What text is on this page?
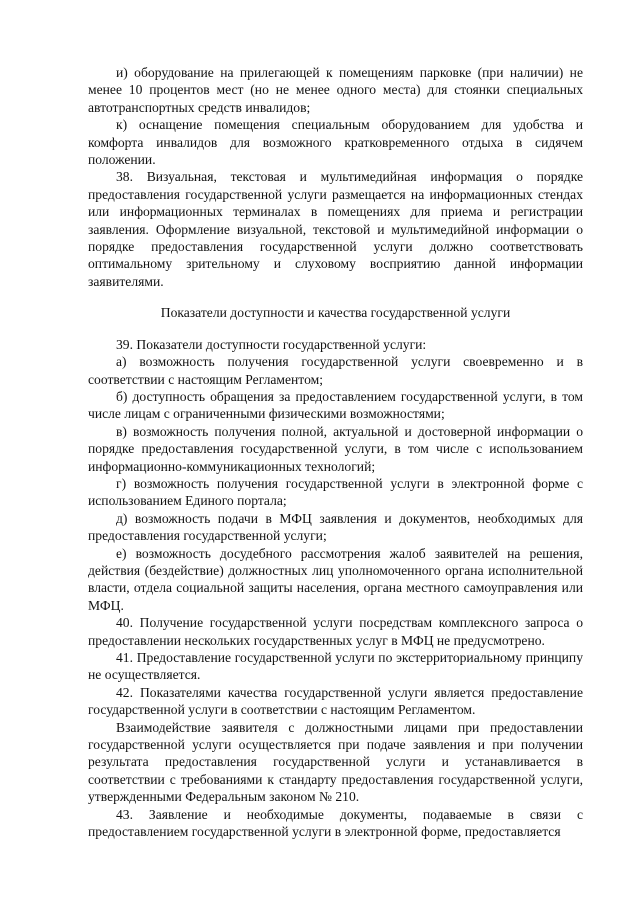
и) оборудование на прилегающей к помещениям парковке (при наличии) не менее 10 процентов мест (но не менее одного места) для стоянки специальных автотранспортных средств инвалидов;

к) оснащение помещения специальным оборудованием для удобства и комфорта инвалидов для возможного кратковременного отдыха в сидячем положении.

38. Визуальная, текстовая и мультимедийная информация о порядке предоставления государственной услуги размещается на информационных стендах или информационных терминалах в помещениях для приема и регистрации заявления. Оформление визуальной, текстовой и мультимедийной информации о порядке предоставления государственной услуги должно соответствовать оптимальному зрительному и слуховому восприятию данной информации заявителями.

Показатели доступности и качества государственной услуги

39. Показатели доступности государственной услуги:

а) возможность получения государственной услуги своевременно и в соответствии с настоящим Регламентом;

б) доступность обращения за предоставлением государственной услуги, в том числе лицам с ограниченными физическими возможностями;

в) возможность получения полной, актуальной и достоверной информации о порядке предоставления государственной услуги, в том числе с использованием информационно-коммуникационных технологий;

г) возможность получения государственной услуги в электронной форме с использованием Единого портала;

д) возможность подачи в МФЦ заявления и документов, необходимых для предоставления государственной услуги;

е) возможность досудебного рассмотрения жалоб заявителей на решения, действия (бездействие) должностных лиц уполномоченного органа исполнительной власти, отдела социальной защиты населения, органа местного самоуправления или МФЦ.

40. Получение государственной услуги посредствам комплексного запроса о предоставлении нескольких государственных услуг в МФЦ не предусмотрено.

41. Предоставление государственной услуги по экстерриториальному принципу не осуществляется.

42. Показателями качества государственной услуги является предоставление государственной услуги в соответствии с настоящим Регламентом.

Взаимодействие заявителя с должностными лицами при предоставлении государственной услуги осуществляется при подаче заявления и при получении результата предоставления государственной услуги и устанавливается в соответствии с требованиями к стандарту предоставления государственной услуги, утвержденными Федеральным законом № 210.

43. Заявление и необходимые документы, подаваемые в связи с предоставлением государственной услуги в электронной форме, предоставляется
